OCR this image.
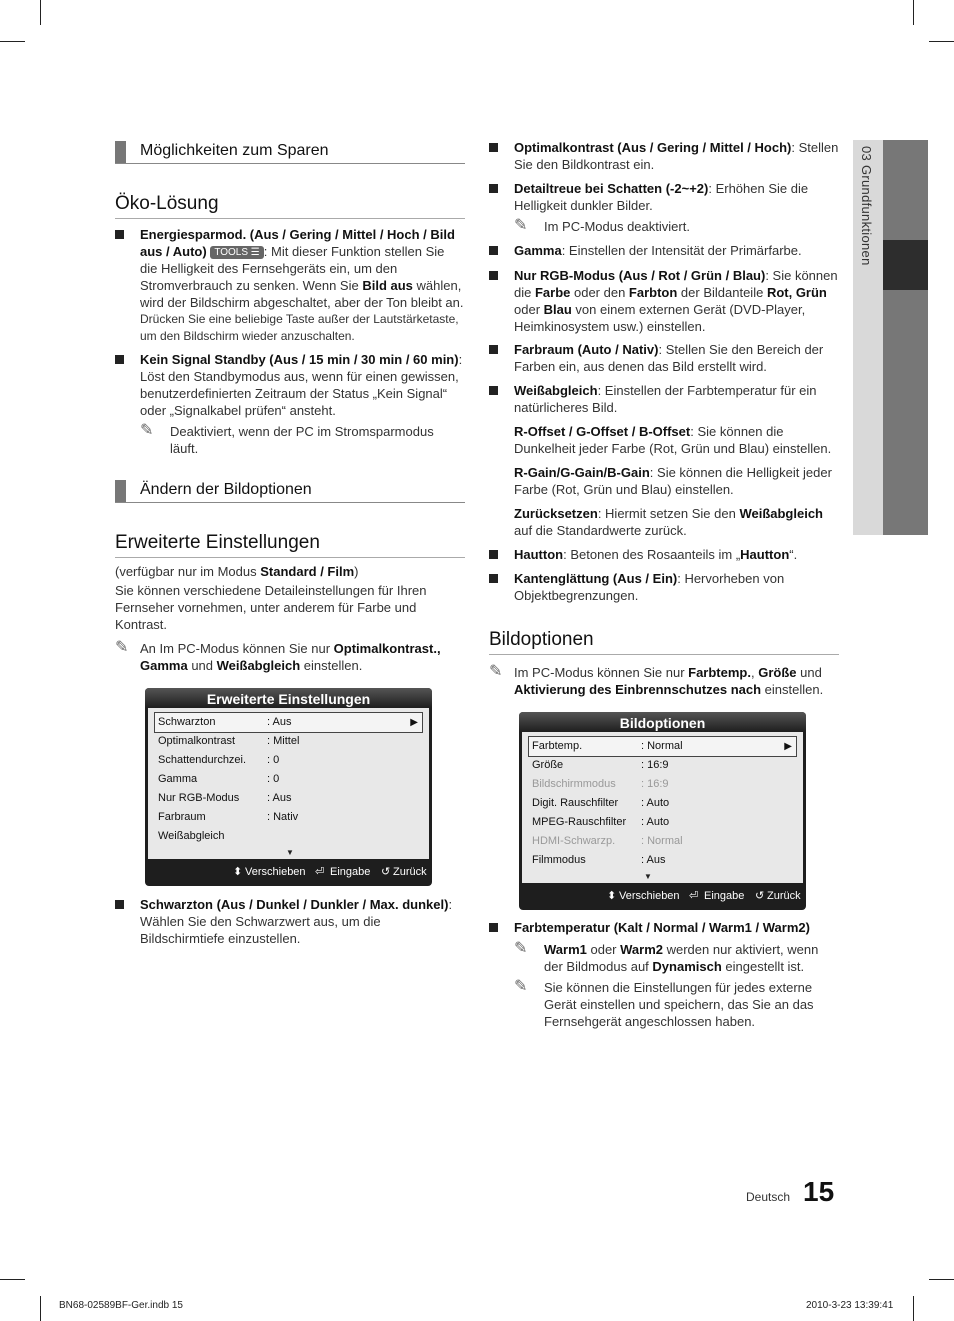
03 Grundfunktionen
Möglichkeiten zum Sparen
Öko-Lösung
Energiesparmod. (Aus / Gering / Mittel / Hoch / Bild aus / Auto) TOOLS ☰ : Mit dieser Funktion stellen Sie die Helligkeit des Fernsehgeräts ein, um den Stromverbrauch zu senken. Wenn Sie Bild aus wählen, wird der Bildschirm abgeschaltet, aber der Ton bleibt an.
Drücken Sie eine beliebige Taste außer der Lautstärketaste, um den Bildschirm wieder anzuschalten.
Kein Signal Standby (Aus / 15 min / 30 min / 60 min): Löst den Standbymodus aus, wenn für einen gewissen, benutzerdefinierten Zeitraum der Status „Kein Signal“ oder „Signalkabel prüfen“ ansteht.
✎ Deaktiviert, wenn der PC im Stromsparmodus läuft.
Ändern der Bildoptionen
Erweiterte Einstellungen
(verfügbar nur im Modus Standard / Film)
Sie können verschiedene Detaileinstellungen für Ihren Fernseher vornehmen, unter anderem für Farbe und Kontrast.
✎ An Im PC-Modus können Sie nur Optimalkontrast., Gamma und Weißabgleich einstellen.
Erweiterte Einstellungen
Schwarzton	: Aus	▶
Optimalkontrast	: Mittel
Schattendurchzei. : 0
Gamma	: 0
Nur RGB-Modus	: Aus
Farbraum	: Nativ
Weißabgleich
▼
⬍ Verschieben ⏎ Eingabe ↺ Zurück
Schwarzton (Aus / Dunkel / Dunkler / Max. dunkel): Wählen Sie den Schwarzwert aus, um die Bildschirmtiefe einzustellen.
Optimalkontrast (Aus / Gering / Mittel / Hoch): Stellen Sie den Bildkontrast ein.
Detailtreue bei Schatten (-2~+2): Erhöhen Sie die Helligkeit dunkler Bilder.
✎ Im PC-Modus deaktiviert.
Gamma: Einstellen der Intensität der Primärfarbe.
Nur RGB-Modus (Aus / Rot / Grün / Blau): Sie können die Farbe oder den Farbton der Bildanteile Rot, Grün oder Blau von einem externen Gerät (DVD-Player, Heimkinosystem usw.) einstellen.
Farbraum (Auto / Nativ): Stellen Sie den Bereich der Farben ein, aus denen das Bild erstellt wird.
Weißabgleich: Einstellen der Farbtemperatur für ein natürlicheres Bild.
R-Offset / G-Offset / B-Offset: Sie können die Dunkelheit jeder Farbe (Rot, Grün und Blau) einstellen.
R-Gain/G-Gain/B-Gain: Sie können die Helligkeit jeder Farbe (Rot, Grün und Blau) einstellen.
Zurücksetzen: Hiermit setzen Sie den Weißabgleich auf die Standardwerte zurück.
Hautton: Betonen des Rosaanteils im „Hautton“.
Kantenglättung (Aus / Ein): Hervorheben von Objektbegrenzungen.
Bildoptionen
✎ Im PC-Modus können Sie nur Farbtemp., Größe und Aktivierung des Einbrennschutzes nach einstellen.
Bildoptionen
Farbtemp.	: Normal	▶
Größe	: 16:9
Bildschirmmodus : 16:9
Digit. Rauschfilter : Auto
MPEG-Rauschfilter : Auto
HDMI-Schwarzp. : Normal
Filmmodus	: Aus
▼
⬍ Verschieben ⏎ Eingabe ↺ Zurück
Farbtemperatur (Kalt / Normal / Warm1 / Warm2)
✎ Warm1 oder Warm2 werden nur aktiviert, wenn der Bildmodus auf Dynamisch eingestellt ist.
✎ Sie können die Einstellungen für jedes externe Gerät einstellen und speichern, das Sie an das Fernsehgerät angeschlossen haben.
Deutsch 15
BN68-02589BF-Ger.indb 15	2010-3-23 13:39:41
